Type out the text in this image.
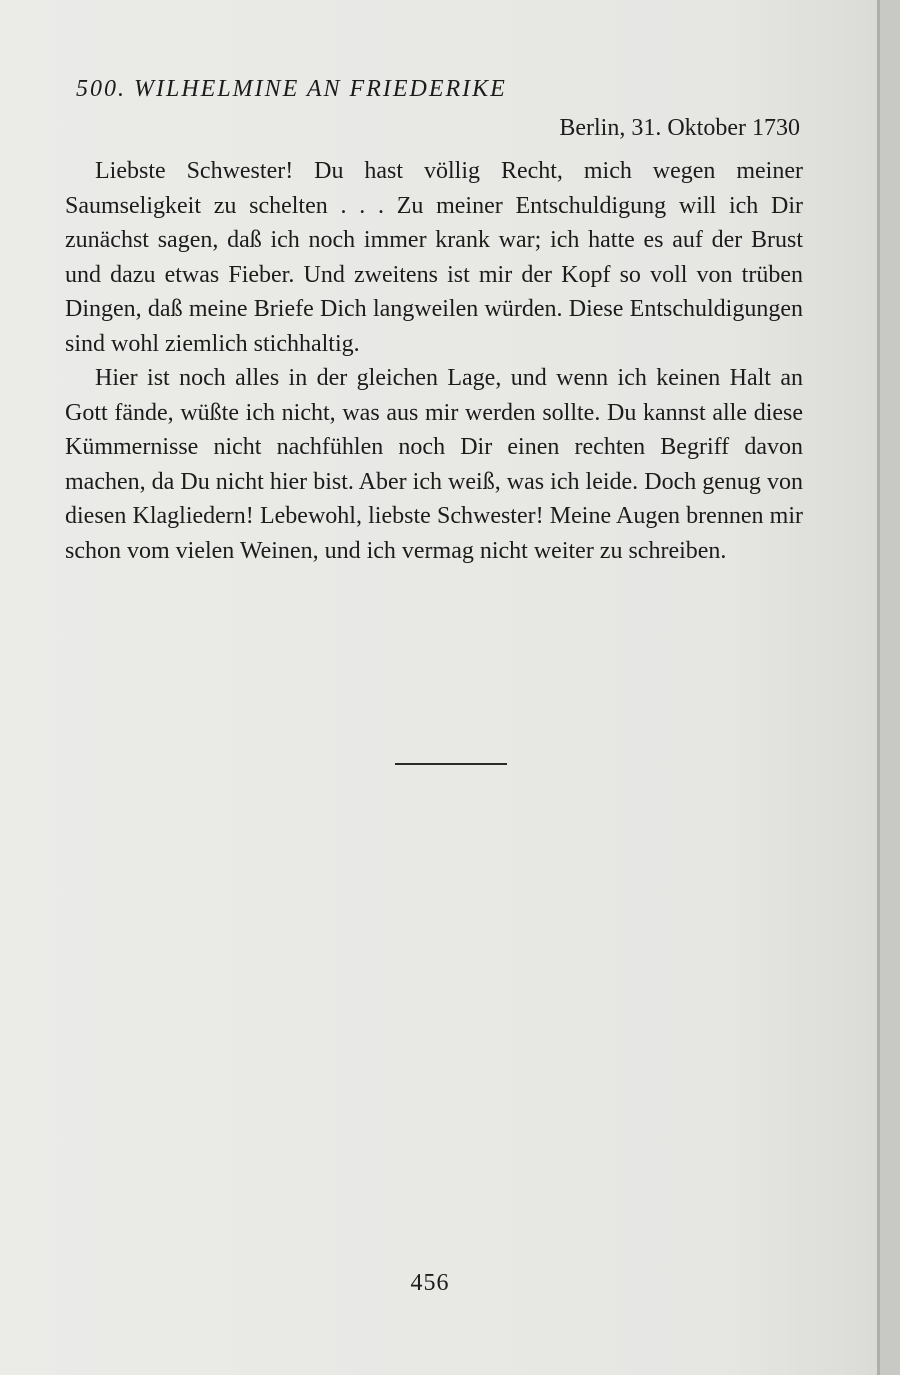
500. WILHELMINE AN FRIEDERIKE
Berlin, 31. Oktober 1730

Liebste Schwester! Du hast völlig Recht, mich wegen meiner Saumseligkeit zu schelten . . . Zu meiner Entschuldigung will ich Dir zunächst sagen, daß ich noch immer krank war; ich hatte es auf der Brust und dazu etwas Fieber. Und zweitens ist mir der Kopf so voll von trüben Dingen, daß meine Briefe Dich langweilen würden. Diese Entschuldigungen sind wohl ziemlich stichhaltig.

Hier ist noch alles in der gleichen Lage, und wenn ich keinen Halt an Gott fände, wüßte ich nicht, was aus mir werden sollte. Du kannst alle diese Kümmernisse nicht nachfühlen noch Dir einen rechten Begriff davon machen, da Du nicht hier bist. Aber ich weiß, was ich leide. Doch genug von diesen Klagliedern! Lebewohl, liebste Schwester! Meine Augen brennen mir schon vom vielen Weinen, und ich vermag nicht weiter zu schreiben.

456
